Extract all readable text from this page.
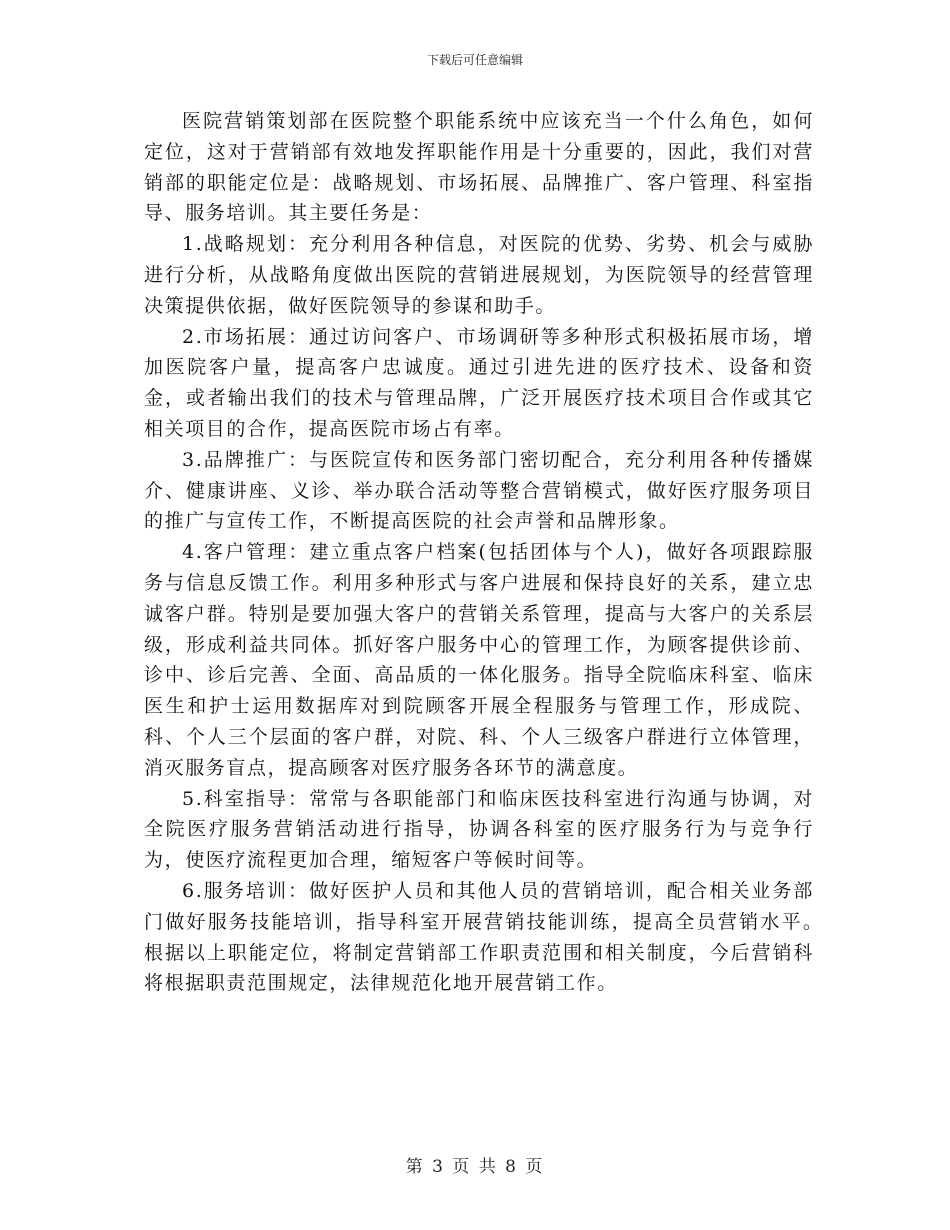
下载后可任意编辑

医院营销策划部在医院整个职能系统中应该充当一个什么角色，如何定位，这对于营销部有效地发挥职能作用是十分重要的，因此，我们对营销部的职能定位是：战略规划、市场拓展、品牌推广、客户管理、科室指导、服务培训。其主要任务是：

1.战略规划：充分利用各种信息，对医院的优势、劣势、机会与威胁进行分析，从战略角度做出医院的营销进展规划，为医院领导的经营管理决策提供依据，做好医院领导的参谋和助手。

2.市场拓展：通过访问客户、市场调研等多种形式积极拓展市场，增加医院客户量，提高客户忠诚度。通过引进先进的医疗技术、设备和资金，或者输出我们的技术与管理品牌，广泛开展医疗技术项目合作或其它相关项目的合作，提高医院市场占有率。

3.品牌推广：与医院宣传和医务部门密切配合，充分利用各种传播媒介、健康讲座、义诊、举办联合活动等整合营销模式，做好医疗服务项目的推广与宣传工作，不断提高医院的社会声誉和品牌形象。

4.客户管理：建立重点客户档案(包括团体与个人)，做好各项跟踪服务与信息反馈工作。利用多种形式与客户进展和保持良好的关系，建立忠诚客户群。特别是要加强大客户的营销关系管理，提高与大客户的关系层级，形成利益共同体。抓好客户服务中心的管理工作，为顾客提供诊前、诊中、诊后完善、全面、高品质的一体化服务。指导全院临床科室、临床医生和护士运用数据库对到院顾客开展全程服务与管理工作，形成院、科、个人三个层面的客户群，对院、科、个人三级客户群进行立体管理，消灭服务盲点，提高顾客对医疗服务各环节的满意度。

5.科室指导：常常与各职能部门和临床医技科室进行沟通与协调，对全院医疗服务营销活动进行指导，协调各科室的医疗服务行为与竞争行为，使医疗流程更加合理，缩短客户等候时间等。

6.服务培训：做好医护人员和其他人员的营销培训，配合相关业务部门做好服务技能培训，指导科室开展营销技能训练，提高全员营销水平。　　根据以上职能定位，将制定营销部工作职责范围和相关制度，今后营销科将根据职责范围规定，法律规范化地开展营销工作。

第 3 页 共 8 页
